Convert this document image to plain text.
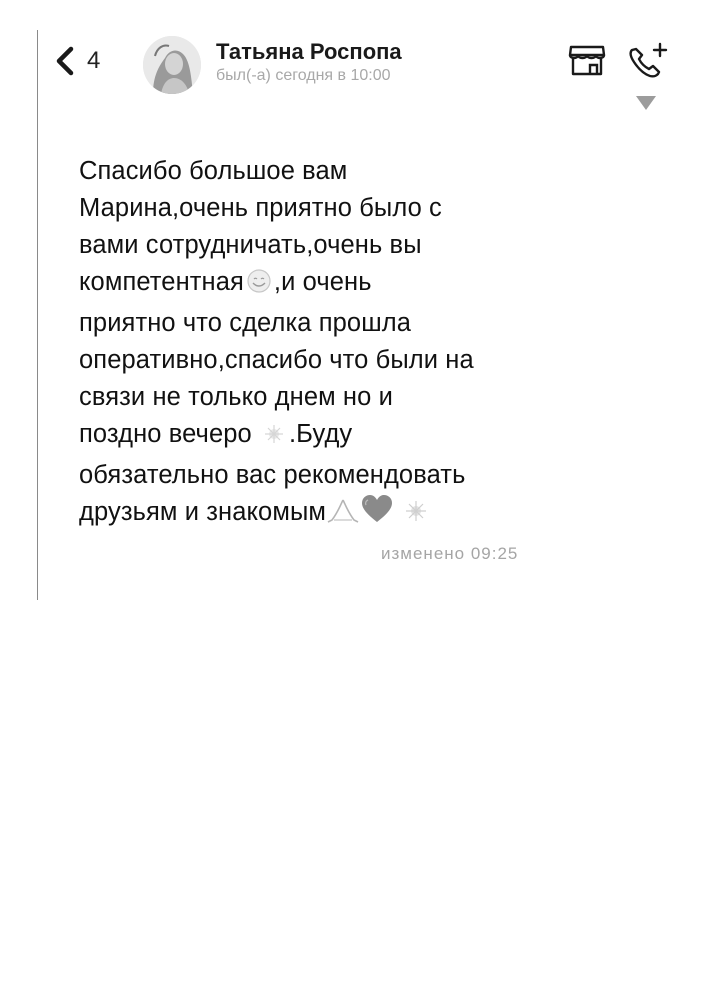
4	Татьяна Роспопа
был(-а) сегодня в 10:00
Спасибо большое вам
Марина,очень приятно было с
вами сотрудничать,очень вы
компетентная ,и очень
приятно что сделка прошла
оперативно,спасибо что были на
связи не только днем но и
поздно вечеро .Буду
обязательно вас рекомендовать
друзьям и знакомым
изменено 09:25
